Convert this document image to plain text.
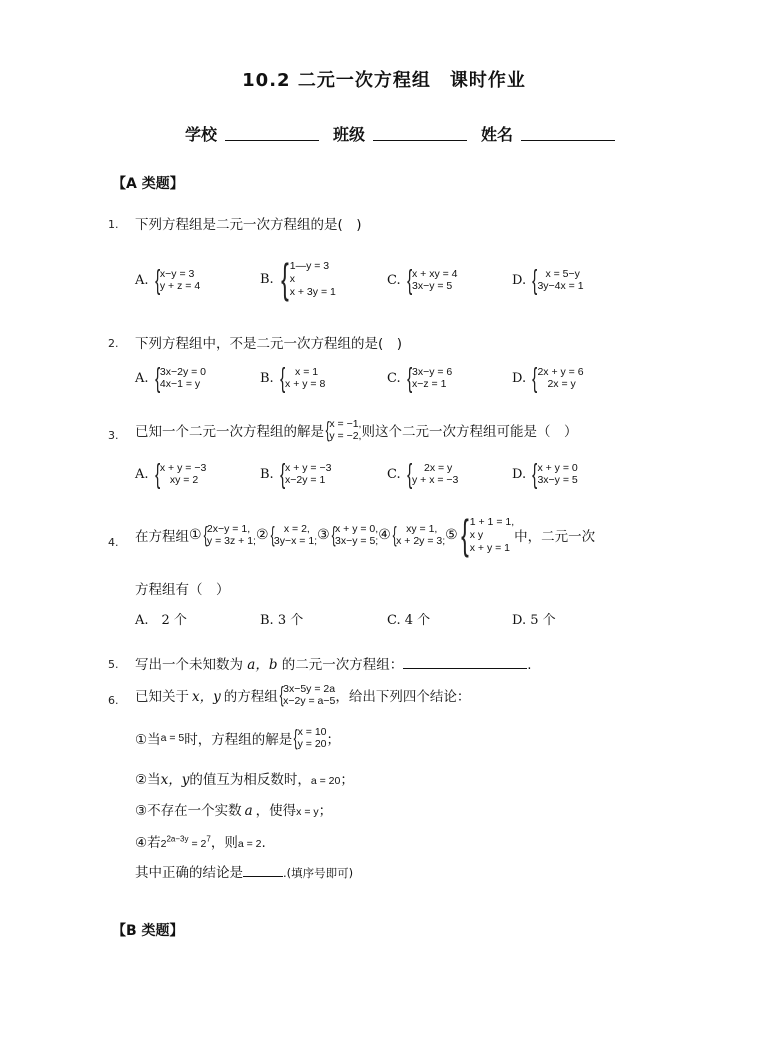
10.2 二元一次方程组　课时作业
学校	班级	姓名
【A 类题】
1. 下列方程组是二元一次方程组的是(　)
A. { x−y = 3
y + z = 4	B. { 1—y = 3
x
x + 3y = 1
C. { x + xy = 4
3x−y = 5	D. { x = 5−y
3y−4x = 1
2. 下列方程组中，不是二元一次方程组的是(　)
A. { 3x−2y = 0
4x−1 = y	B. { x = 1
x + y = 8	C. { 3x−y = 6
x−z = 1	D. { 2x + y = 6
2x = y
3. 已知一个二元一次方程组的解是 { x = −1,
y = −2, 则这个二元一次方程组可能是（　）
A. { x + y = −3
xy = 2	B. { x + y = −3
x−2y = 1	C. {	2x = y
y + x = −3	D. { x + y = 0
3x−y = 5
4. 在方程组 ① { 2x−y = 1,
y = 3z + 1; ② { x = 2,
3y−x = 1; ③ { x + y = 0,
3x−y = 5; ④ { xy = 1,
x + 2y = 3; ⑤ { 1 + 1 = 1,
x y
x + y = 1
中，二元一次
方程组有（　）
A.　2 个	B. 3 个	C. 4 个	D. 5 个
5. 写出一个未知数为 a，b 的二元一次方程组：	.
6. 已知关于 x，y 的方程组 { 3x−5y = 2a
x−2y = a−5 ，给出下列四个结论：
①当 a = 5 时，方程组的解是 { x = 10
y = 20 ；
②当x，y的值互为相反数时，a = 20；
③不存在一个实数 a ，使得x = y；
④若$2^{2a-3y} = 2^7$，则a = 2.
其中正确的结论是	.(填序号即可)
【B 类题】
